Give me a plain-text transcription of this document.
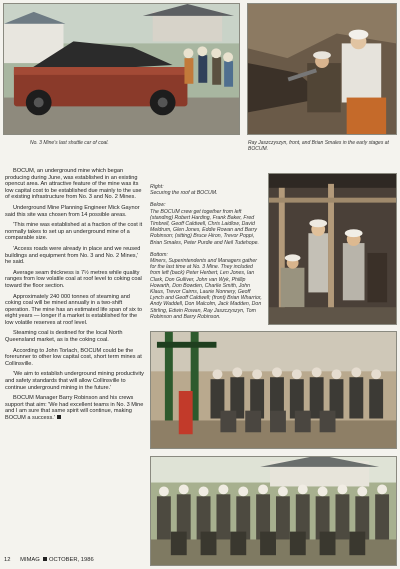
No. 3 Mine's last shuttle car of coal.	Ray Jaszczyszyn, front, and Brian Smales in the early stages at BOCUM.

Right:

Securing the roof at BOCUM.

Below:

The BOCUM crew get together from left (standing) Robert Harding, Frank Baker, Fred Timbrell, Geoff Caldwell, Chris Laidlow, David Meldrum, Glen Jones, Eddie Rowan and Barry Robinson; (sitting) Bruce Hiron, Trevor Poppi, Brian Smales, Peter Purdie and Neil Tudehope.

Bottom:

Miners, Superintendents and Managers gather for the last time at No. 3 Mine. They included from left (back) Peter Herbert, Len Jones, Ian Clark, Don Gulliver, John van Wyk, Phillip Howarth, Don Bowden, Charlie Smith, John Klaus, Trevor Cairns, Laurie Nonnery, Geoff Lynch and Geoff Caldwell; (front) Brian Wharrior, Andy Waddell, Don Malcolm, Jack Madden, Don Stirling, Edwin Rowan, Ray Jaszczyszyn, Tom Robinson and Barry Robinson.

BOCUM, an underground mine which began producing during June, was established in an existing opencut area. An attractive feature of the mine was its low capital cost to be established due mainly to the use of existing infrastructure from No. 3 and No. 2 Mines.

Underground Mine Planning Engineer Mick Gaynor said this site was chosen from 14 possible areas.

'This mine was established at a fraction of the cost it normally takes to set up an underground mine of a comparable size.

'Access roads were already in place and we reused buildings and equipment from No. 3 and No. 2 Mines,' he said.

Average seam thickness is 7½ metres while quality ranges from low volatile coal at roof level to coking coal toward the floor section.

Approximately 240 000 tonnes of steaming and coking coal will be mined annually in a two-shift operation. The mine has an estimated life span of six to eight years — longer if a market is established for the low volatile reserves at roof level.

Steaming coal is destined for the local North Queensland market, as is the coking coal.

According to John Torlach, BOCUM could be the forerunner to other low capital cost, short term mines at Collinsville.

'We aim to establish underground mining productivity and safety standards that will allow Collinsville to continue underground mining in the future.'

BOCUM Manager Barry Robinson and his crews support that aim: 'We had excellent teams in No. 3 Mine and I am sure that same spirit will continue, making BOCUM a success.'

12 MIMAG OCTOBER, 1986
